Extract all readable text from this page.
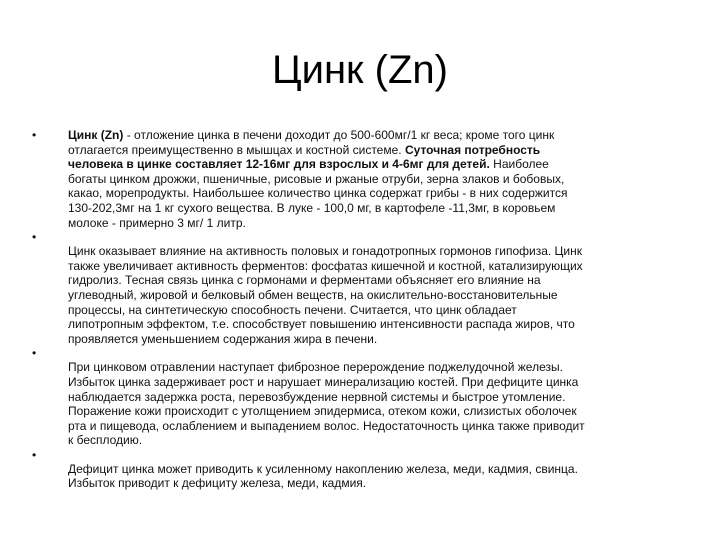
Цинк (Zn)
•	Цинк (Zn) - отложение цинка в печени доходит до 500-600мг/1 кг веса; кроме того цинк
отлагается преимущественно в мышцах и костной системе. Суточная потребность
человека в цинке составляет 12-16мг для взрослых и 4-6мг для детей. Наиболее
богаты цинком дрожжи, пшеничные, рисовые и ржаные отруби, зерна злаков и бобовых,
какао, морепродукты. Наибольшее количество цинка содержат грибы - в них содержится
130-202,3мг на 1 кг сухого вещества. В луке - 100,0 мг, в картофеле -11,3мг, в коровьем
молоке - примерно 3 мг/ 1 литр.
•
Цинк оказывает влияние на активность половых и гонадотропных гормонов гипофиза. Цинк
также увеличивает активность ферментов: фосфатаз кишечной и костной, катализирующих
гидролиз. Тесная связь цинка с гормонами и ферментами объясняет его влияние на
углеводный, жировой и белковый обмен веществ, на окислительно-восстановительные
процессы, на синтетическую способность печени. Считается, что цинк обладает
липотропным эффектом, т.е. способствует повышению интенсивности распада жиров, что
проявляется уменьшением содержания жира в печени.
•
При цинковом отравлении наступает фиброзное перерождение поджелудочной железы.
Избыток цинка задерживает рост и нарушает минерализацию костей. При дефиците цинка
наблюдается задержка роста, перевозбуждение нервной системы и быстрое утомление.
Поражение кожи происходит с утолщением эпидермиса, отеком кожи, слизистых оболочек
рта и пищевода, ослаблением и выпадением волос. Недостаточность цинка также приводит
к бесплодию.
•
Дефицит цинка может приводить к усиленному накоплению железа, меди, кадмия, свинца.
Избыток приводит к дефициту железа, меди, кадмия.
